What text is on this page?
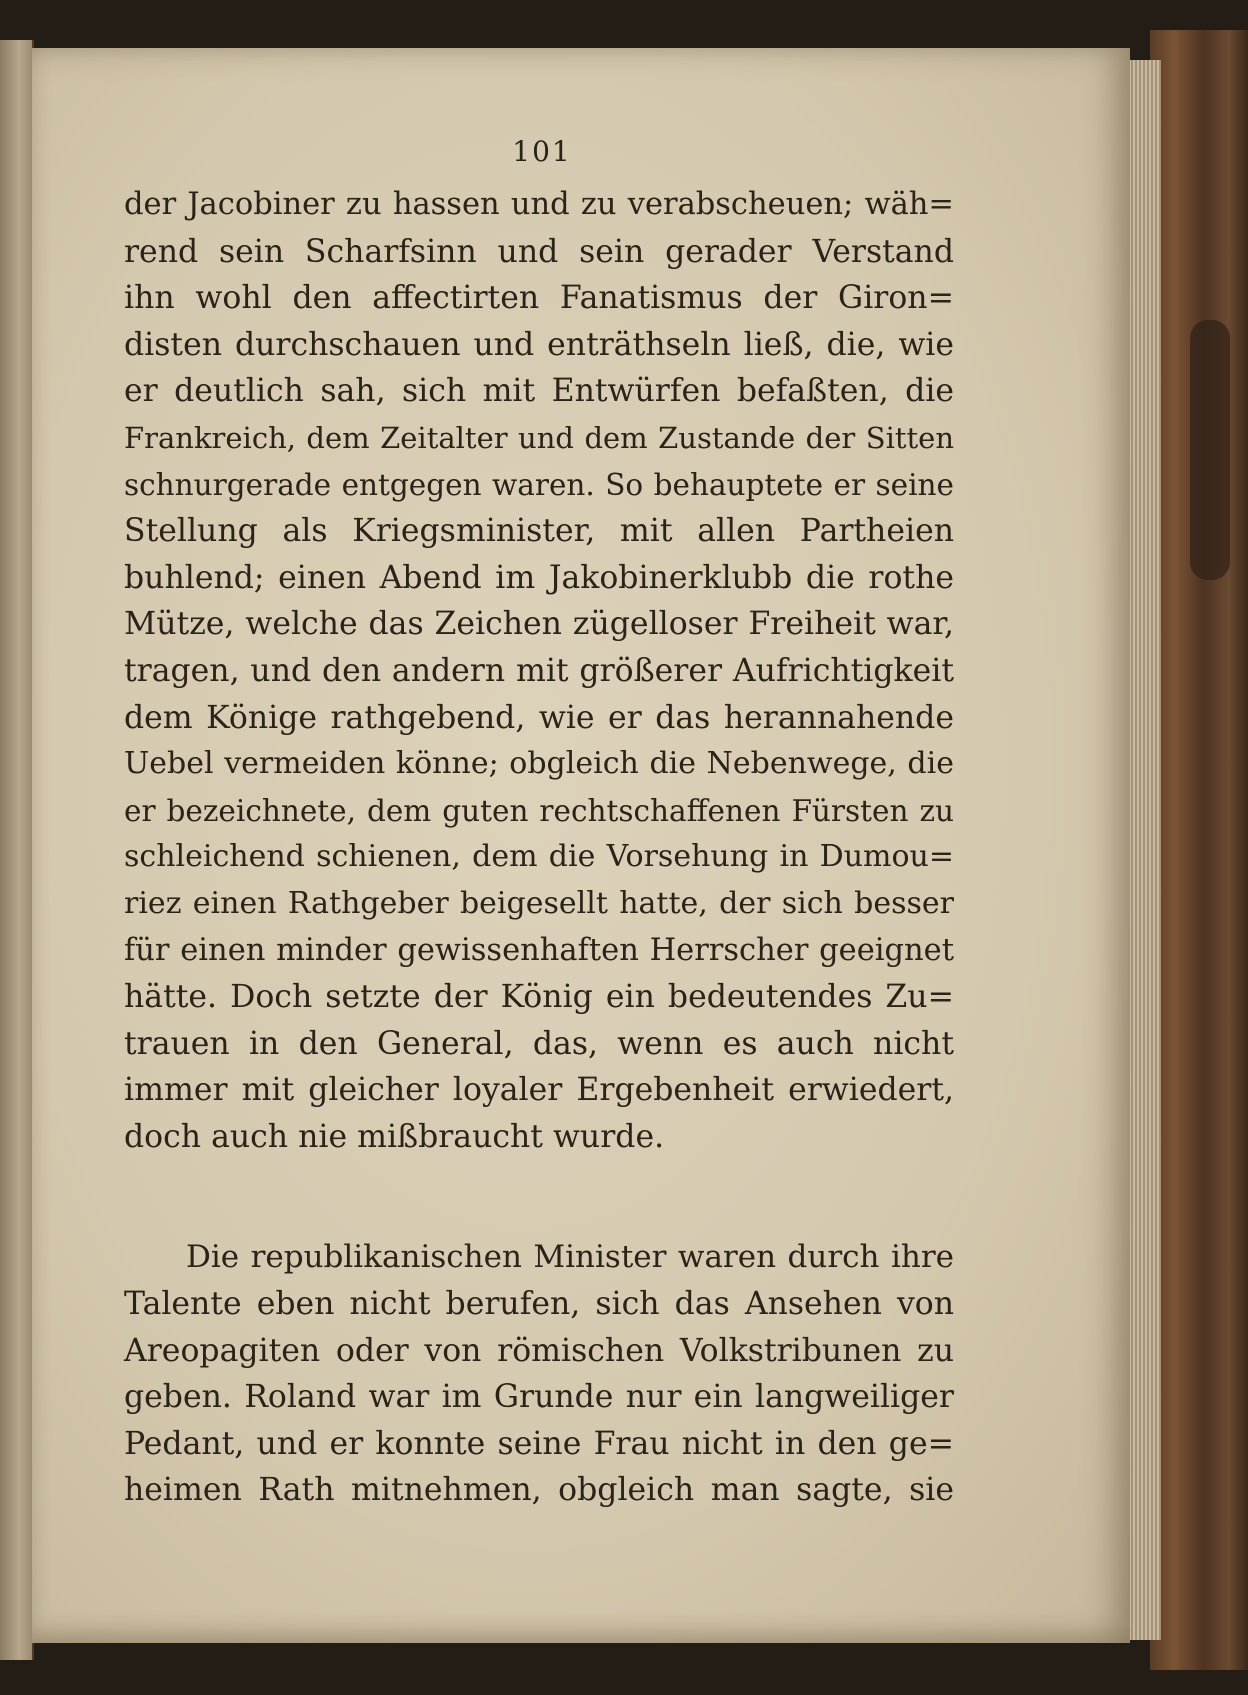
101
der Jacobiner zu hassen und zu verabscheuen; wäh=
rend sein Scharfsinn und sein gerader Verstand
ihn wohl den affectirten Fanatismus der Giron=
disten durchschauen und enträthseln ließ, die, wie
er deutlich sah, sich mit Entwürfen befaßten, die
Frankreich, dem Zeitalter und dem Zustande der Sitten
schnurgerade entgegen waren. So behauptete er seine
Stellung als Kriegsminister, mit allen Partheien
buhlend; einen Abend im Jakobinerklubb die rothe
Mütze, welche das Zeichen zügelloser Freiheit war,
tragen, und den andern mit größerer Aufrichtigkeit
dem Könige rathgebend, wie er das herannahende
Uebel vermeiden könne; obgleich die Nebenwege, die
er bezeichnete, dem guten rechtschaffenen Fürsten zu
schleichend schienen, dem die Vorsehung in Dumou=
riez einen Rathgeber beigesellt hatte, der sich besser
für einen minder gewissenhaften Herrscher geeignet
hätte. Doch setzte der König ein bedeutendes Zu=
trauen in den General, das, wenn es auch nicht
immer mit gleicher loyaler Ergebenheit erwiedert,
doch auch nie mißbraucht wurde.
Die republikanischen Minister waren durch ihre
Talente eben nicht berufen, sich das Ansehen von
Areopagiten oder von römischen Volkstribunen zu
geben. Roland war im Grunde nur ein langweiliger
Pedant, und er konnte seine Frau nicht in den ge=
heimen Rath mitnehmen, obgleich man sagte, sie
